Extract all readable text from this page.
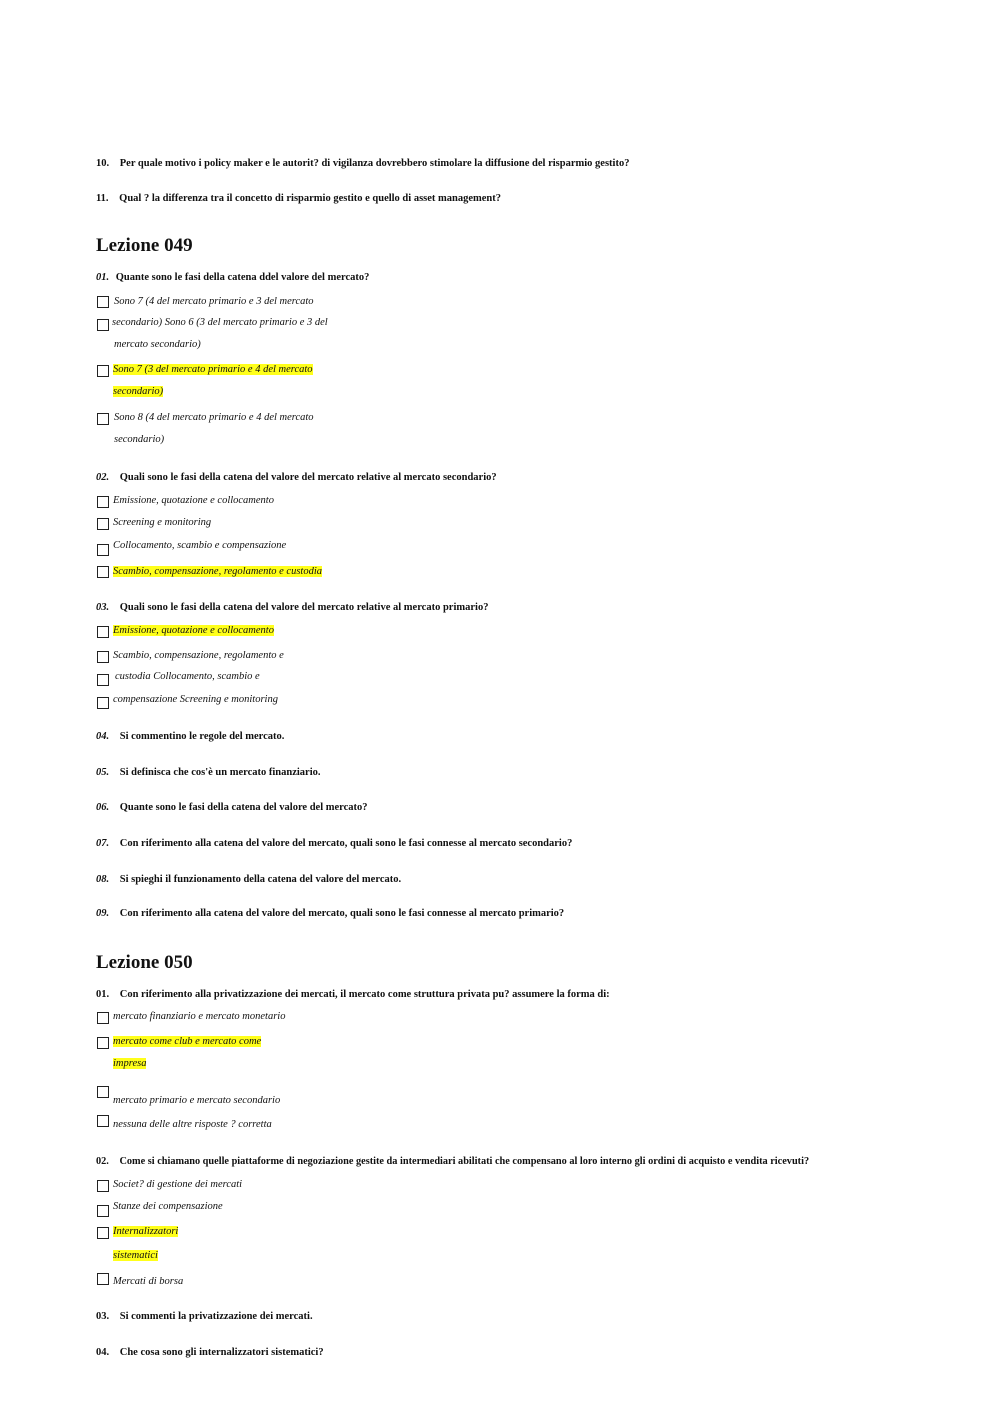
10. Per quale motivo i policy maker e le autorit? di vigilanza dovrebbero stimolare la diffusione del risparmio gestito?
11. Qual ? la differenza tra il concetto di risparmio gestito e quello di asset management?
Lezione 049
01. Quante sono le fasi della catena ddel valore del mercato?
Sono 7 (4 del mercato primario e 3 del mercato
secondario) Sono 6 (3 del mercato primario e 3 del
mercato secondario)
Sono 7 (3 del mercato primario e 4 del mercato
secondario)
Sono 8 (4 del mercato primario e 4 del mercato
secondario)
02. Quali sono le fasi della catena del valore del mercato relative al mercato secondario?
Emissione, quotazione e collocamento
Screening e monitoring
Collocamento, scambio e compensazione
Scambio, compensazione, regolamento e custodia
03. Quali sono le fasi della catena del valore del mercato relative al mercato primario?
Emissione, quotazione e collocamento
Scambio, compensazione, regolamento e
custodia Collocamento, scambio e
compensazione Screening e monitoring
04. Si commentino le regole del mercato.
05. Si definisca che cos'è un mercato finanziario.
06. Quante sono le fasi della catena del valore del mercato?
07. Con riferimento alla catena del valore del mercato, quali sono le fasi connesse al mercato secondario?
08. Si spieghi il funzionamento della catena del valore del mercato.
09. Con riferimento alla catena del valore del mercato, quali sono le fasi connesse al mercato primario?
Lezione 050
01. Con riferimento alla privatizzazione dei mercati, il mercato come struttura privata pu? assumere la forma di:
mercato finanziario e mercato monetario
mercato come club e mercato come
impresa
mercato primario e mercato secondario
nessuna delle altre risposte ? corretta
02. Come si chiamano quelle piattaforme di negoziazione gestite da intermediari abilitati che compensano al loro interno gli ordini di acquisto e vendita ricevuti?
Societ? di gestione dei mercati
Stanze dei compensazione
Internalizzatori
sistematici
Mercati di borsa
03. Si commenti la privatizzazione dei mercati.
04. Che cosa sono gli internalizzatori sistematici?
